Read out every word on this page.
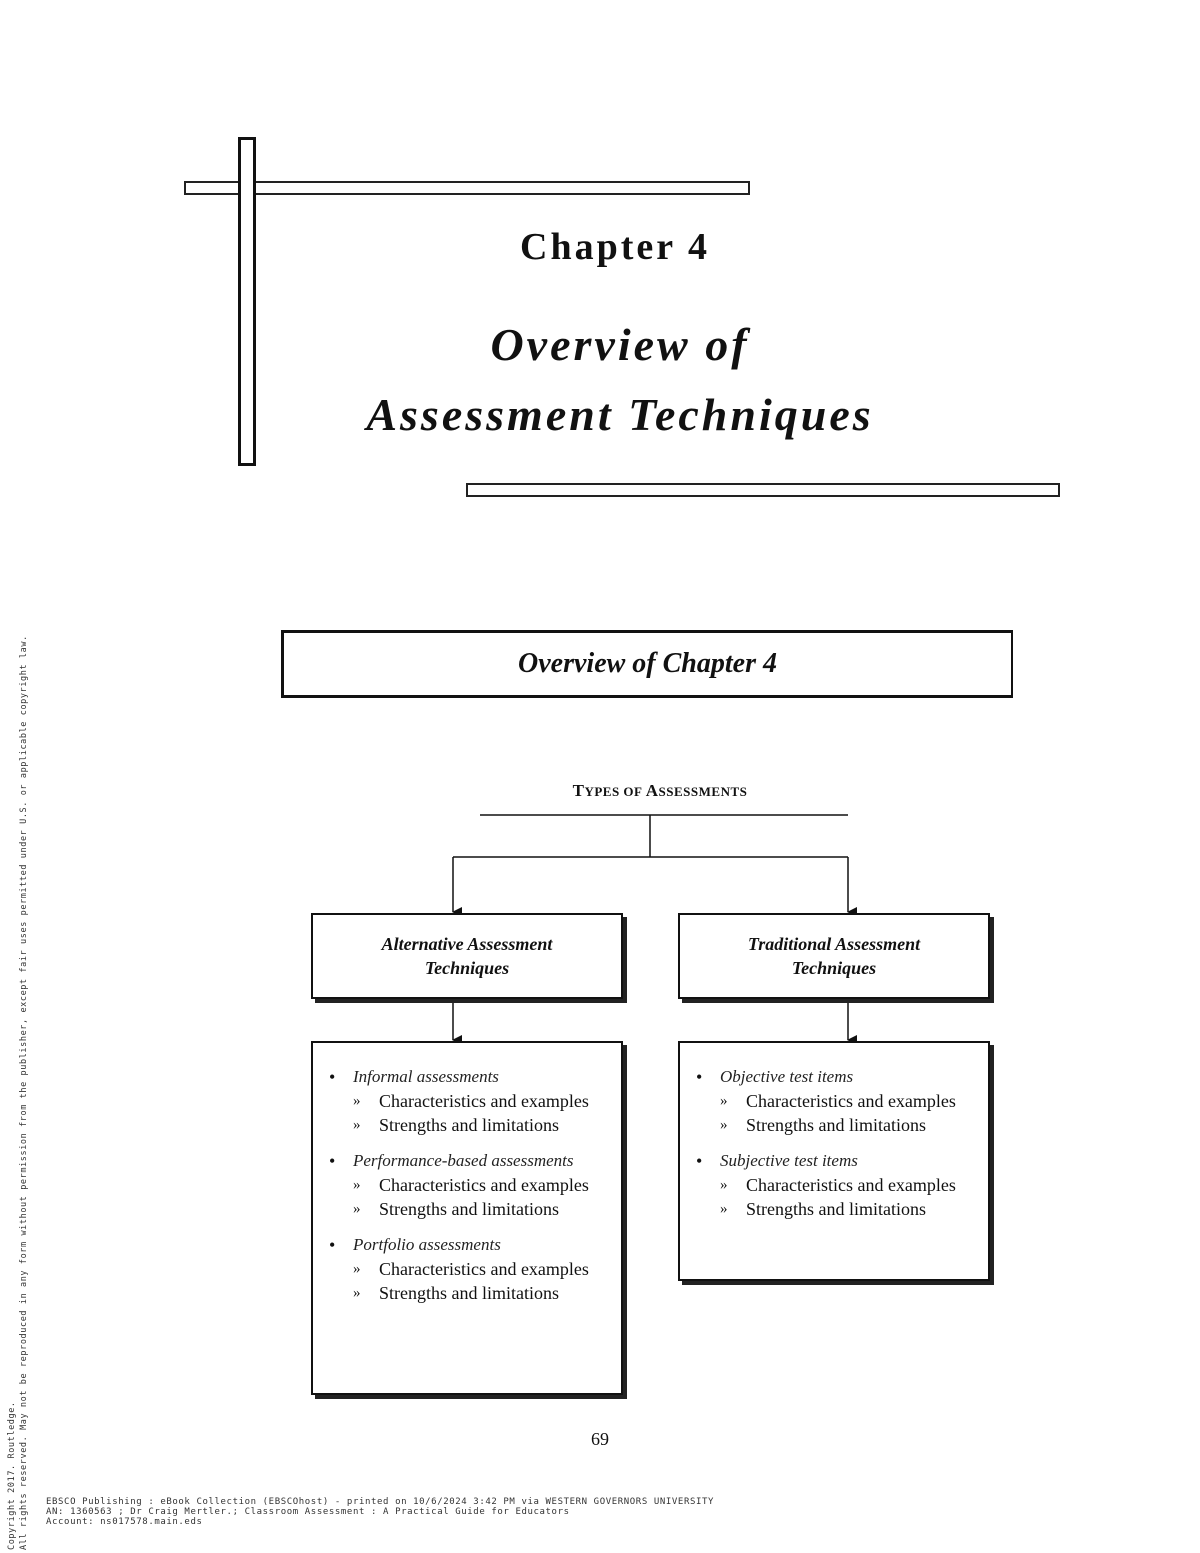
Chapter 4
Overview of
Assessment Techniques
Overview of Chapter 4
TYPES OF ASSESSMENTS
Alternative Assessment
Techniques
Traditional Assessment
Techniques
• Informal assessments
» Characteristics and examples
» Strengths and limitations
• Performance-based assessments
» Characteristics and examples
» Strengths and limitations
• Portfolio assessments
» Characteristics and examples
» Strengths and limitations
• Objective test items
» Characteristics and examples
» Strengths and limitations
• Subjective test items
» Characteristics and examples
» Strengths and limitations
69
Copyright 2017. Routledge. All rights reserved. May not be reproduced in any form without permission from the publisher, except fair uses permitted under U.S. or applicable copyright law. EBSCO Publishing : eBook Collection (EBSCOhost) - printed on 10/6/2024 3:42 PM via WESTERN GOVERNORS UNIVERSITY
AN: 1360563 ; Dr Craig Mertler.; Classroom Assessment : A Practical Guide for Educators
Account: ns017578.main.eds
